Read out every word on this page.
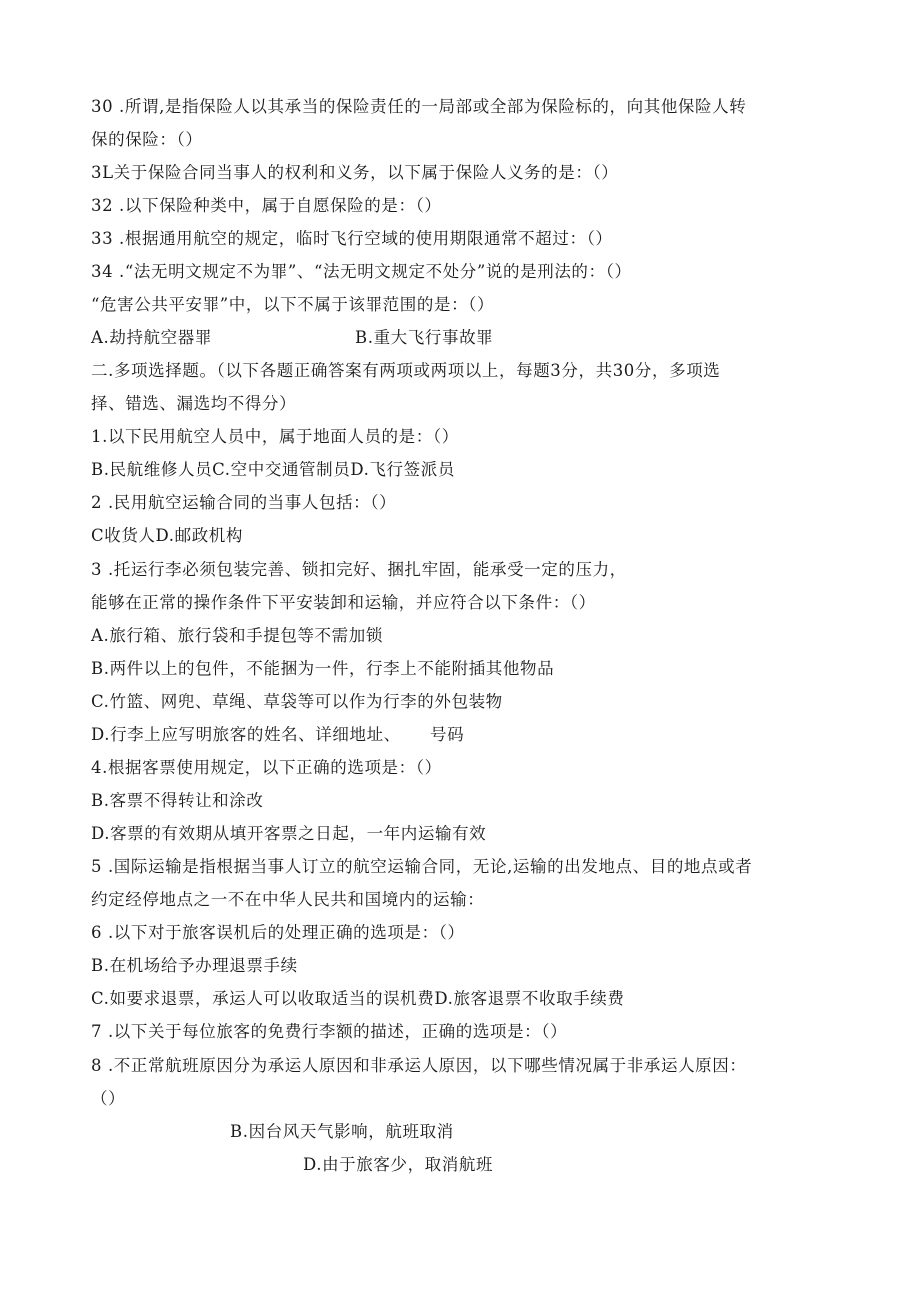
30 .所谓,是指保险人以其承当的保险责任的一局部或全部为保险标的，向其他保险人转
保的保险：（）
3L关于保险合同当事人的权利和义务，以下属于保险人义务的是：（）
32 .以下保险种类中，属于自愿保险的是：（）
33 .根据通用航空的规定，临时飞行空域的使用期限通常不超过：（）
34 .“法无明文规定不为罪”、“法无明文规定不处分”说的是刑法的：（）
“危害公共平安罪”中，以下不属于该罪范围的是：（）
A.劫持航空器罪	B.重大飞行事故罪
二.多项选择题。（以下各题正确答案有两项或两项以上，每题3分，共30分，多项选
择、错选、漏选均不得分）
1.以下民用航空人员中，属于地面人员的是：（）
B.民航维修人员C.空中交通管制员D.飞行签派员
2 .民用航空运输合同的当事人包括：（）
C收货人D.邮政机构
3 .托运行李必须包装完善、锁扣完好、捆扎牢固，能承受一定的压力，
能够在正常的操作条件下平安装卸和运输，并应符合以下条件：（）
A.旅行箱、旅行袋和手提包等不需加锁
B.两件以上的包件，不能捆为一件，行李上不能附插其他物品
C.竹篮、网兜、草绳、草袋等可以作为行李的外包装物
D.行李上应写明旅客的姓名、详细地址、     号码
4.根据客票使用规定，以下正确的选项是：（）
B.客票不得转让和涂改
D.客票的有效期从填开客票之日起，一年内运输有效
5 .国际运输是指根据当事人订立的航空运输合同，无论,运输的出发地点、目的地点或者
约定经停地点之一不在中华人民共和国境内的运输：
6 .以下对于旅客误机后的处理正确的选项是：（）
B.在机场给予办理退票手续
C.如要求退票，承运人可以收取适当的误机费D.旅客退票不收取手续费
7 .以下关于每位旅客的免费行李额的描述，正确的选项是：（）
8 .不正常航班原因分为承运人原因和非承运人原因，以下哪些情况属于非承运人原因：
（）
B.因台风天气影响，航班取消
D.由于旅客少，取消航班
